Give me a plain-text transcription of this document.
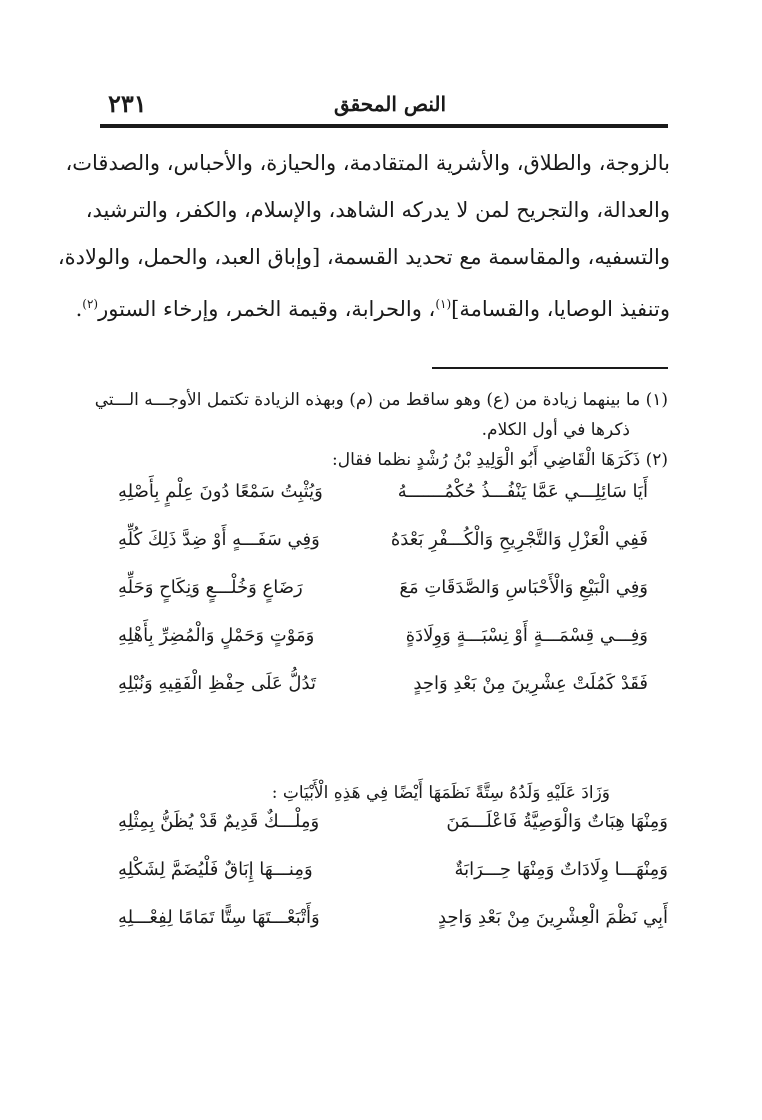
٢٣١	النص المحقق
بالزوجة، والطلاق، والأشرية المتقادمة، والحيازة، والأحباس، والصدقات،
والعدالة، والتجريح لمن لا يدركه الشاهد، والإسلام، والكفر، والترشيد،
والتسفيه، والمقاسمة مع تحديد القسمة، [وإباق العبد، والحمل، والولادة،
وتنفيذ الوصايا، والقسامة]$^{(١)}$، والحرابة، وقيمة الخمر، وإرخاء الستور$^{(٢)}$.
(١) ما بينهما زيادة من (ع) وهو ساقط من (م) وبهذه الزيادة تكتمل الأوجـــه الـــتي
ذكرها في أول الكلام.
(٢) ذَكَرَهَا الْقَاضِي أَبُو الْوَلِيدِ بْنُ رُشْدٍ نظما فقال:
أَيَا سَائِلِـــي عَمَّا يَنْفُـــذُ حُكْمُـــــــهُ
وَيُثْبِتُ سَمْعًا دُونَ عِلْمٍ بِأَصْلِهِ
فَفِي الْعَزْلِ وَالتَّجْرِيحِ وَالْكُـــفْرِ بَعْدَهُ
وَفِي سَفَـــهٍ أَوْ ضِدَّ ذَلِكَ كُلِّهِ
وَفِي الْبَيْعِ وَالْأَحْبَاسِ وَالصَّدَقَاتِ مَعَ
رَضَاعٍ وَخُلْـــعٍ وَنِكَاحٍ وَحَلِّهِ
وَفِـــي قِسْمَـــةٍ أَوْ نِسْبَـــةٍ وَوِلَادَةٍ
وَمَوْتٍ وَحَمْلٍ وَالْمُضِرِّ بِأَهْلِهِ
فَقَدْ كَمُلَتْ عِشْرِينَ مِنْ بَعْدِ وَاحِدٍ
تَدُلُّ عَلَى حِفْظِ الْفَقِيهِ وَنُبْلِهِ
وَزَادَ عَلَيْهِ وَلَدُهُ سِتَّةً نَظَمَهَا أَيْضًا فِي هَذِهِ الْأَبْيَاتِ :
وَمِنْهَا هِبَاتٌ وَالْوَصِيَّةُ فَاعْلَـــمَنَ
وَمِلْـــكٌ قَدِيمٌ قَدْ يُظَنُّ بِمِثْلِهِ
وَمِنْهَـــا وِلَادَاتٌ وَمِنْهَا حِـــرَابَةٌ
وَمِنـــهَا إِبَاقٌ فَلْيُضَمَّ لِشَكْلِهِ
أَبِي نَظْمَ الْعِشْرِينَ مِنْ بَعْدِ وَاحِدٍ
وَأَتْبَعْـــتَهَا سِتًّا تَمَامًا لِفِعْـــلِهِ
